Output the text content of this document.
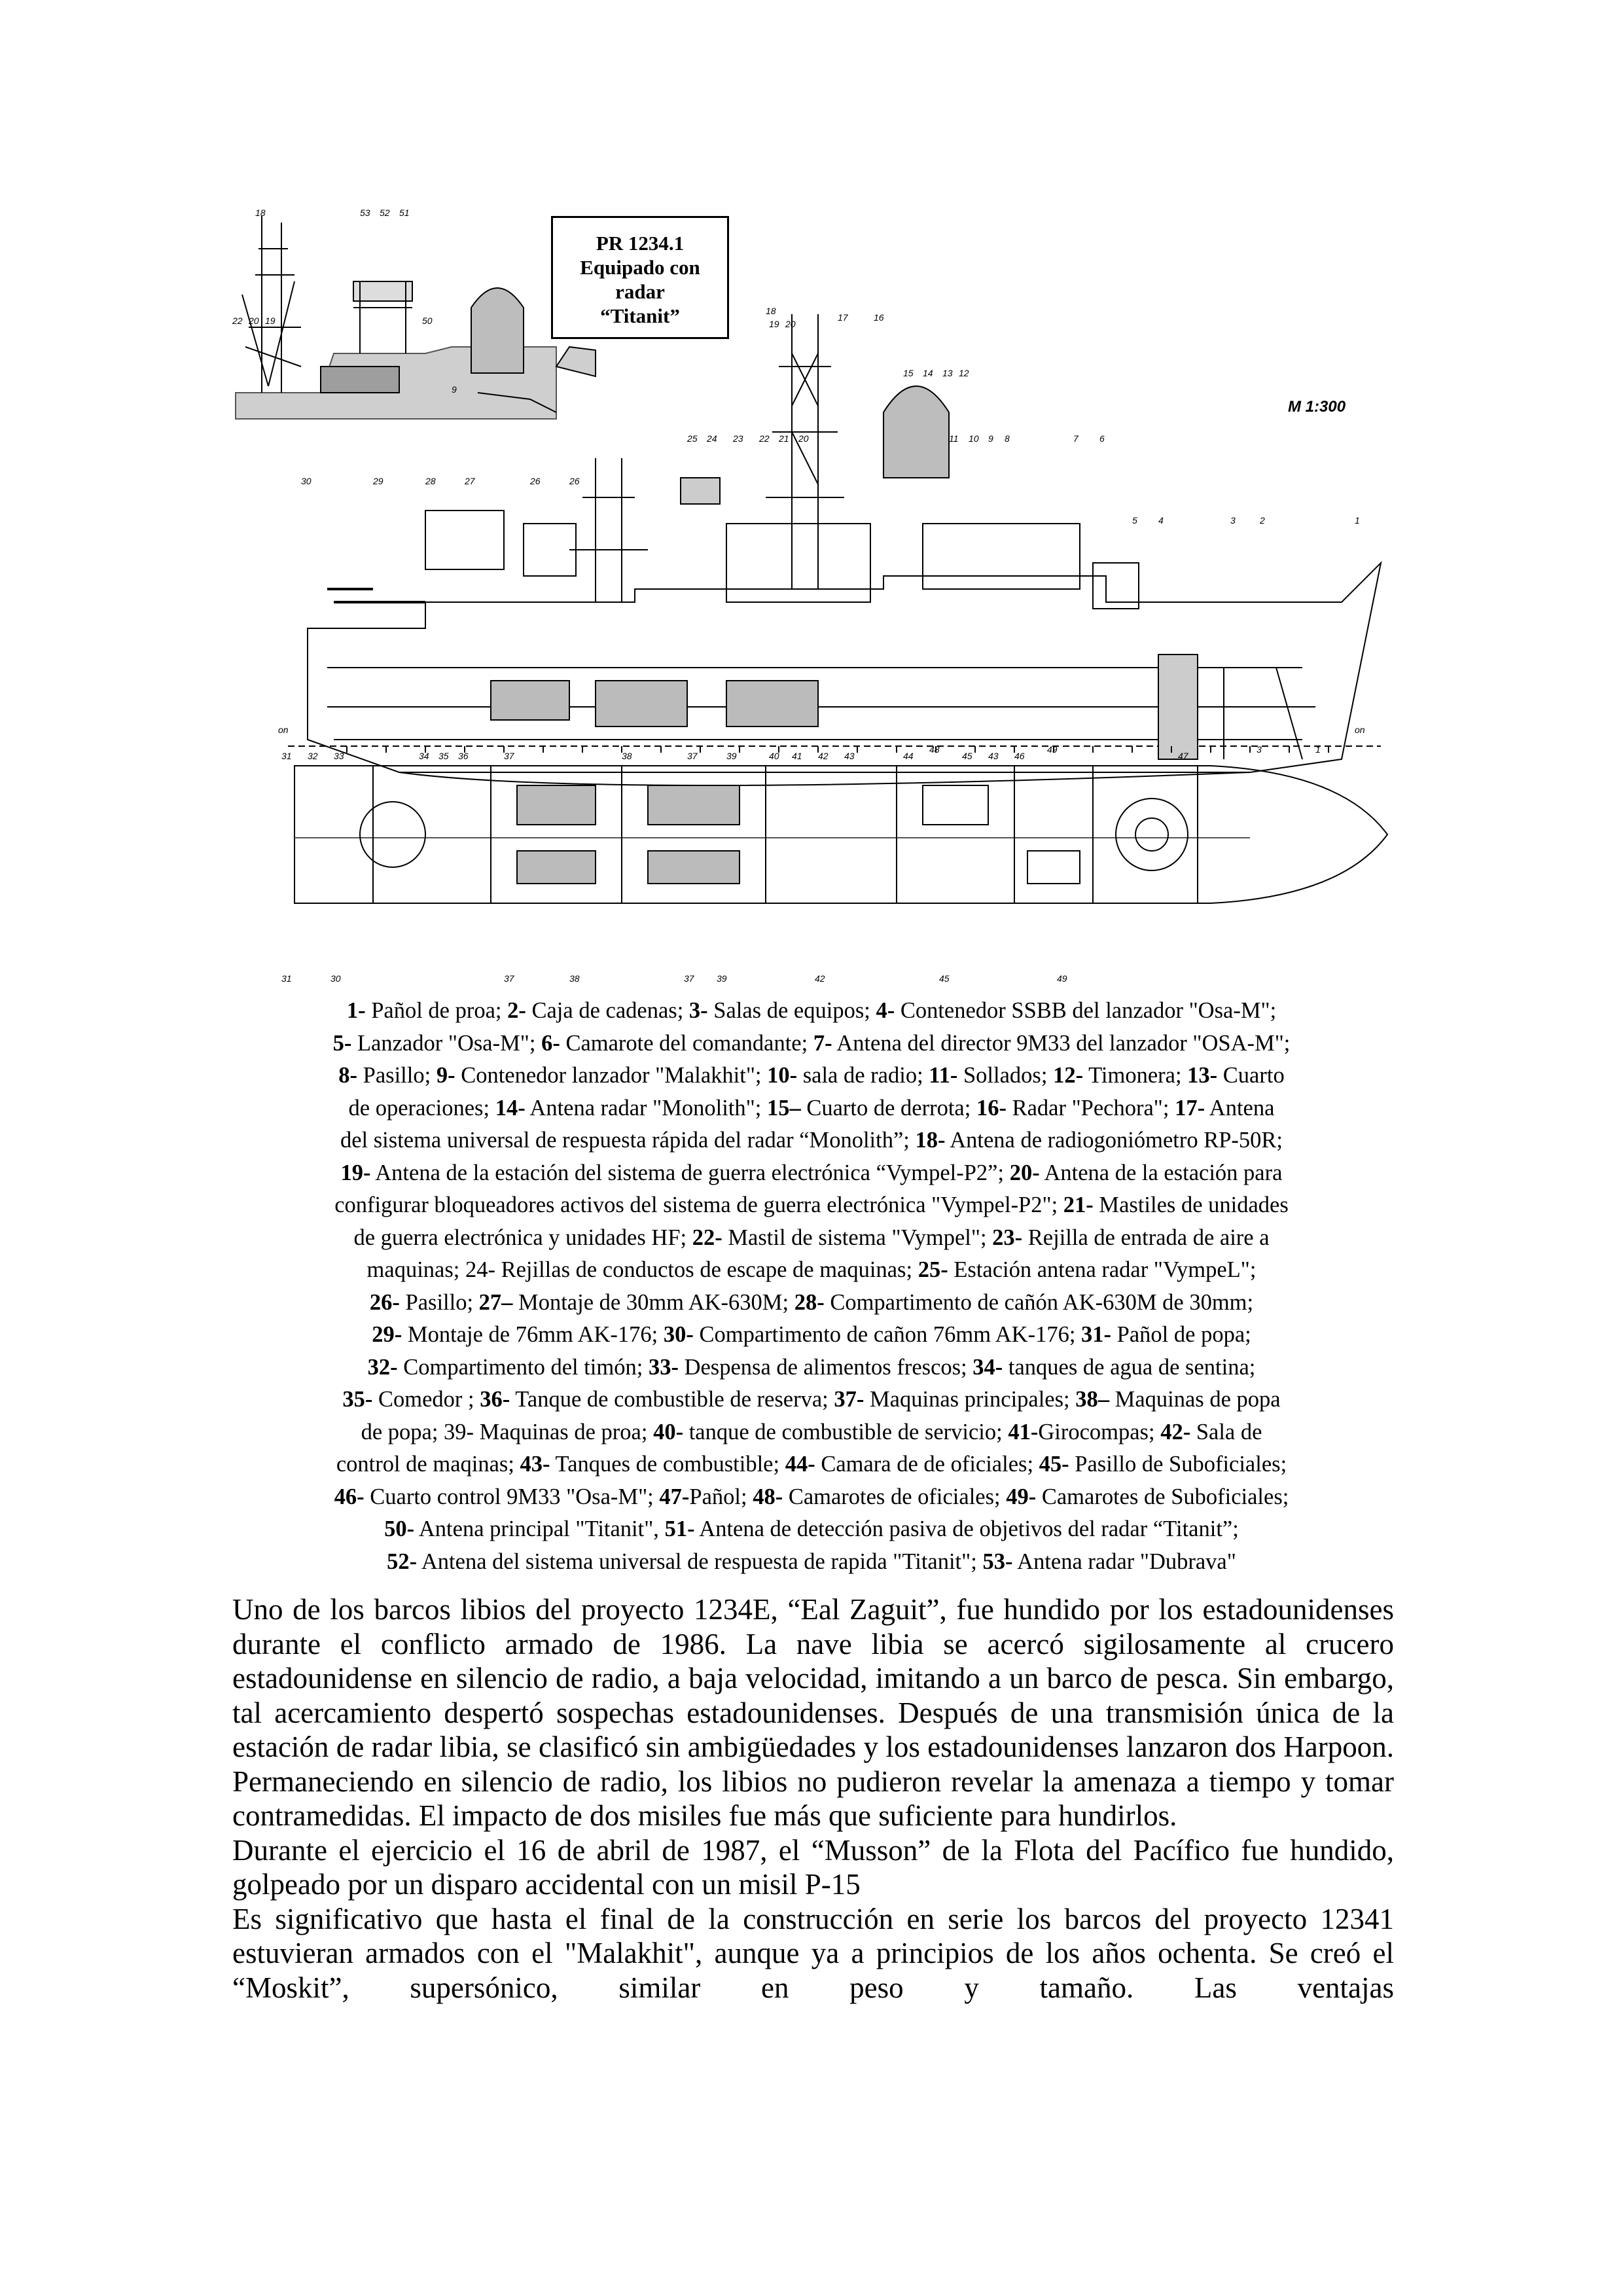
18	53 52 51
22 20 19	50
9
18
19 20
17	16
15 14 13 12
25 24 23 22 21 20	11 10 9 8	7 6
5 4	3	2	1
30	29	28	27	26	26
on	on
31 32 33	34 35 36	37	38	37	39	40 41 42 43	44
48
45 43 46
49
47
3	1
31	30	37	38	37 39	42	45	49
PR 1234.1
Equipado con
radar
“Titanit”
M 1:300

1- Pañol de proa; 2- Caja de cadenas; 3- Salas de equipos; 4- Contenedor SSBB del lanzador "Osa-M";

5- Lanzador "Osa-M"; 6- Camarote del comandante; 7- Antena del director 9M33 del lanzador "OSA-M";

8- Pasillo; 9- Contenedor lanzador "Malakhit"; 10- sala de radio; 11- Sollados; 12- Timonera; 13- Cuarto

de operaciones; 14- Antena radar "Monolith"; 15– Cuarto de derrota; 16- Radar "Pechora"; 17- Antena

del sistema universal de respuesta rápida del radar “Monolith”; 18- Antena de radiogoniómetro RP-50R;

19- Antena de la estación del sistema de guerra electrónica “Vympel-P2”; 20- Antena de la estación para

configurar bloqueadores activos del sistema de guerra electrónica "Vympel-P2"; 21- Mastiles de unidades

de guerra electrónica y unidades HF; 22- Mastil de sistema "Vympel"; 23- Rejilla de entrada de aire a

maquinas; 24- Rejillas de conductos de escape de maquinas; 25- Estación antena radar "VympeL";

26- Pasillo; 27– Montaje de 30mm AK-630M; 28- Compartimento de cañón AK-630M de 30mm;

29- Montaje de 76mm AK-176; 30- Compartimento de cañon 76mm AK-176; 31- Pañol de popa;

32- Compartimento del timón; 33- Despensa de alimentos frescos; 34- tanques de agua de sentina;

35- Comedor ; 36- Tanque de combustible de reserva; 37- Maquinas principales; 38– Maquinas de popa

de popa; 39- Maquinas de proa; 40- tanque de combustible de servicio; 41-Girocompas; 42- Sala de

control de maqinas; 43- Tanques de combustible; 44- Camara de de oficiales; 45- Pasillo de Suboficiales;

46- Cuarto control 9M33 "Osa-M"; 47-Pañol; 48- Camarotes de oficiales; 49- Camarotes de Suboficiales;

50- Antena principal "Titanit", 51- Antena de detección pasiva de objetivos del radar “Titanit”;

52- Antena del sistema universal de respuesta de rapida "Titanit"; 53- Antena radar "Dubrava"

Uno de los barcos libios del proyecto 1234E, “Eal Zaguit”, fue hundido por los estadounidenses durante el conflicto armado de 1986. La nave libia se acercó sigilosamente al crucero estadounidense en silencio de radio, a baja velocidad, imitando a un barco de pesca. Sin embargo, tal acercamiento despertó sospechas estadounidenses. Después de una transmisión única de la estación de radar libia, se clasificó sin ambigüedades y los estadounidenses lanzaron dos Harpoon. Permaneciendo en silencio de radio, los libios no pudieron revelar la amenaza a tiempo y tomar contramedidas. El impacto de dos misiles fue más que suficiente para hundirlos.

Durante el ejercicio el 16 de abril de 1987, el “Musson” de la Flota del Pacífico fue hundido, golpeado por un disparo accidental con un misil P-15

Es significativo que hasta el final de la construcción en serie los barcos del proyecto 12341 estuvieran armados con el "Malakhit", aunque ya a principios de los años ochenta. Se creó el “Moskit”, supersónico, similar en peso y tamaño. Las ventajas
